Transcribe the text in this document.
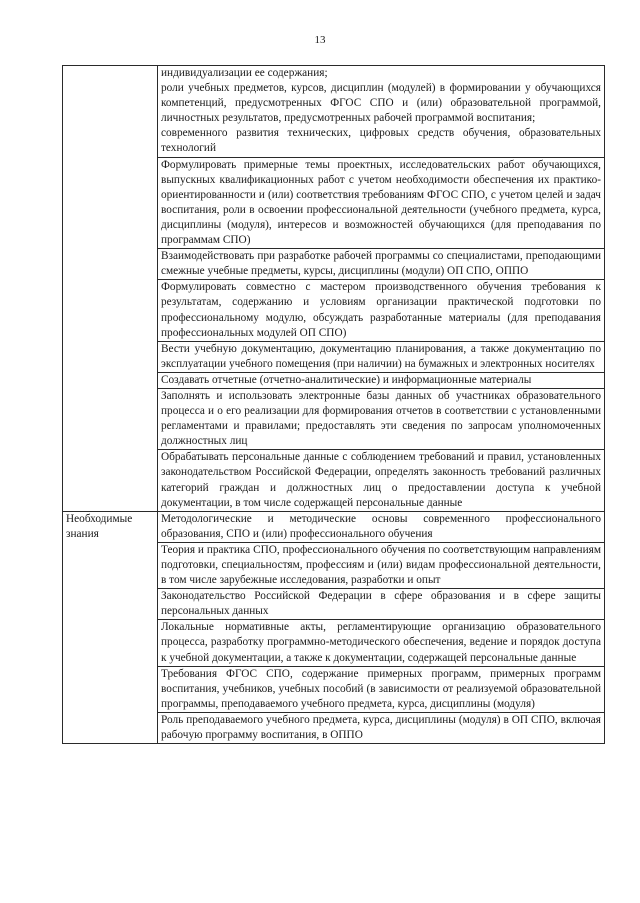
13

	индивидуализации ее содержания;
роли учебных предметов, курсов, дисциплин (модулей) в формировании у обучающихся компетенций, предусмотренных ФГОС СПО и (или) образовательной программой, личностных результатов, предусмотренных рабочей программой воспитания;
современного развития технических, цифровых средств обучения, образовательных технологий

	Формулировать примерные темы проектных, исследовательских работ обучающихся, выпускных квалификационных работ с учетом необходимости обеспечения их практико-ориентированности и (или) соответствия требованиям ФГОС СПО, с учетом целей и задач воспитания, роли в освоении профессиональной деятельности (учебного предмета, курса, дисциплины (модуля), интересов и возможностей обучающихся (для преподавания по программам СПО)

	Взаимодействовать при разработке рабочей программы со специалистами, преподающими смежные учебные предметы, курсы, дисциплины (модули) ОП СПО, ОППО

	Формулировать совместно с мастером производственного обучения требования к результатам, содержанию и условиям организации практической подготовки по профессиональному модулю, обсуждать разработанные материалы (для преподавания профессиональных модулей ОП СПО)

	Вести учебную документацию, документацию планирования, а также документацию по эксплуатации учебного помещения (при наличии) на бумажных и электронных носителях

	Создавать отчетные (отчетно-аналитические) и информационные материалы

	Заполнять и использовать электронные базы данных об участниках образовательного процесса и о его реализации для формирования отчетов в соответствии с установленными регламентами и правилами; предоставлять эти сведения по запросам уполномоченных должностных лиц

	Обрабатывать персональные данные с соблюдением требований и правил, установленных законодательством Российской Федерации, определять законность требований различных категорий граждан и должностных лиц о предоставлении доступа к учебной документации, в том числе содержащей персональные данные

Необходимые знания	Методологические и методические основы современного профессионального образования, СПО и (или) профессионального обучения
	Теория и практика СПО, профессионального обучения по соответствующим направлениям подготовки, специальностям, профессиям и (или) видам профессиональной деятельности, в том числе зарубежные исследования, разработки и опыт
	Законодательство Российской Федерации в сфере образования и в сфере защиты персональных данных
	Локальные нормативные акты, регламентирующие организацию образовательного процесса, разработку программно-методического обеспечения, ведение и порядок доступа к учебной документации, а также к документации, содержащей персональные данные
	Требования ФГОС СПО, содержание примерных программ, примерных программ воспитания, учебников, учебных пособий (в зависимости от реализуемой образовательной программы, преподаваемого учебного предмета, курса, дисциплины (модуля)
	Роль преподаваемого учебного предмета, курса, дисциплины (модуля) в ОП СПО, включая рабочую программу воспитания, в ОППО
